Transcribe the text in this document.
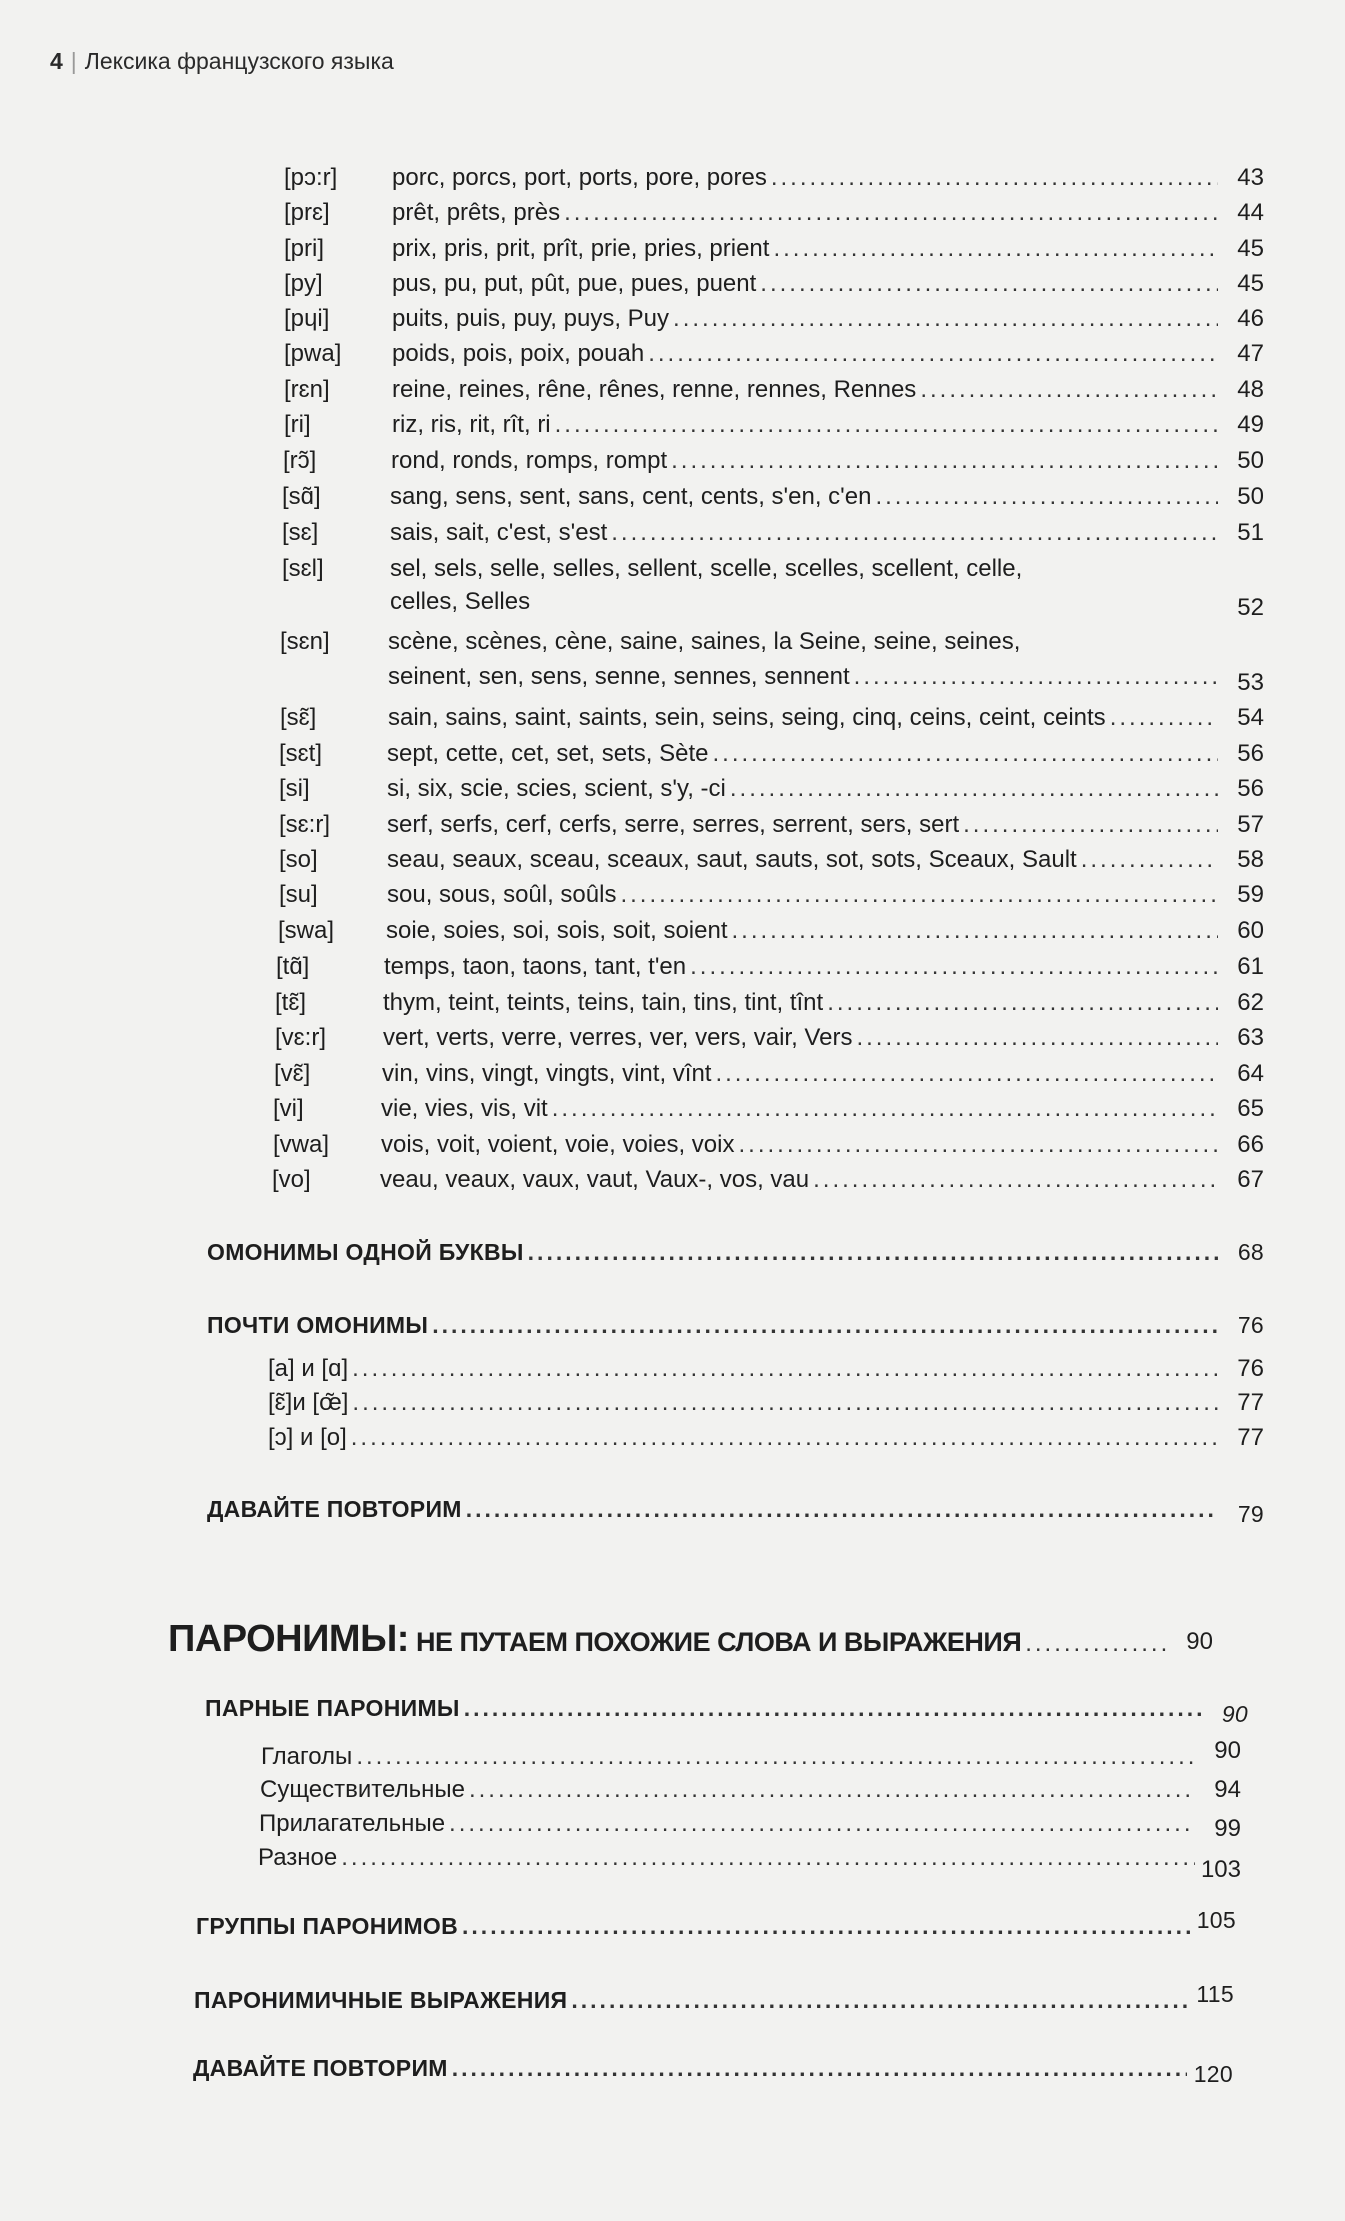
4 | Лексика французского языка
[pɔ:r]	porc, porcs, port, ports, pore, pores .....	43
[prɛ]	prêt, prêts, près .....	44
[pri]	prix, pris, prit, prît, prie, pries, prient .....	45
[py]	pus, pu, put, pût, pue, pues, puent .....	45
[pɥi]	puits, puis, puy, puys, Puy .....	46
[pwa]	poids, pois, poix, pouah .....	47
[rɛn]	reine, reines, rêne, rênes, renne, rennes, Rennes .....	48
[ri]	riz, ris, rit, rît, ri .....	49
[rɔ̃]	rond, ronds, romps, rompt .....	50
[sɑ̃]	sang, sens, sent, sans, cent, cents, s'en, c'en .....	50
[sɛ]	sais, sait, c'est, s'est .....	51
[sɛl]	sel, sels, selle, selles, sellent, scelle, scelles, scellent, celle,
celles, Selles	52
[sɛn] scène, scènes, cène, saine, saines, la Seine, seine, seines,
seinent, sen, sens, senne, sennes, sennent .....	53
[sɛ̃]	sain, sains, saint, saints, sein, seins, seing, cinq, ceins, ceint, ceints .....	54
[sɛt]	sept, cette, cet, set, sets, Sète .....	56
[si]	si, six, scie, scies, scient, s'y, -ci .....	56
[sɛ:r]	serf, serfs, cerf, cerfs, serre, serres, serrent, sers, sert .....	57
[so]	seau, seaux, sceau, sceaux, saut, sauts, sot, sots, Sceaux, Sault .....	58
[su]	sou, sous, soûl, soûls .....	59
[swa]	soie, soies, soi, sois, soit, soient .....	60
[tɑ̃]	temps, taon, taons, tant, t'en .....	61
[tɛ̃]	thym, teint, teints, teins, tain, tins, tint, tînt .....	62
[vɛ:r]	vert, verts, verre, verres, ver, vers, vair, Vers .....	63
[vɛ̃]	vin, vins, vingt, vingts, vint, vînt .....	64
[vi]	vie, vies, vis, vit .....	65
[vwa]	vois, voit, voient, voie, voies, voix .....	66
[vo]	veau, veaux, vaux, vaut, Vaux-, vos, vau .....	67
ОМОНИМЫ ОДНОЙ БУКВЫ .....	68
ПОЧТИ ОМОНИМЫ .....	76
[a] и [ɑ] .....	76
[ɛ̃]и [œ̃] .....	77
[ɔ] и [o] .....	77
ДАВАЙТЕ ПОВТОРИМ .....	79
ПАРОНИМЫ: НЕ ПУТАЕМ ПОХОЖИЕ СЛОВА И ВЫРАЖЕНИЯ .....	90
ПАРНЫЕ ПАРОНИМЫ .....	90
Глаголы .....	90
Существительные .....	94
Прилагательные .....	99
Разное .....	103
ГРУППЫ ПАРОНИМОВ .....	105
ПАРОНИМИЧНЫЕ ВЫРАЖЕНИЯ .....	115
ДАВАЙТЕ ПОВТОРИМ .....	120
